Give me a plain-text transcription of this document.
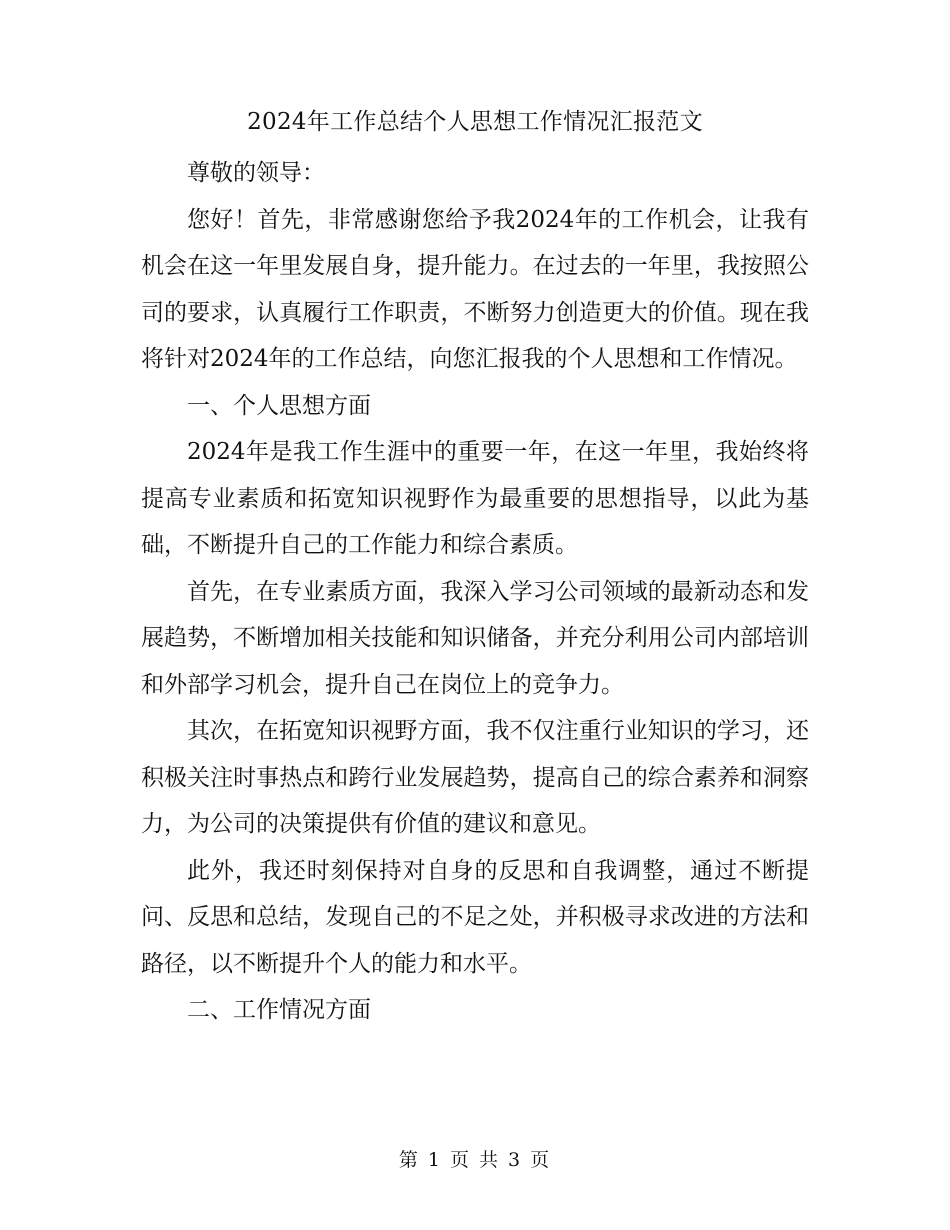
2024年工作总结个人思想工作情况汇报范文

尊敬的领导：

您好！首先，非常感谢您给予我2024年的工作机会，让我有机会在这一年里发展自身，提升能力。在过去的一年里，我按照公司的要求，认真履行工作职责，不断努力创造更大的价值。现在我将针对2024年的工作总结，向您汇报我的个人思想和工作情况。

一、个人思想方面

2024年是我工作生涯中的重要一年，在这一年里，我始终将提高专业素质和拓宽知识视野作为最重要的思想指导，以此为基础，不断提升自己的工作能力和综合素质。

首先，在专业素质方面，我深入学习公司领域的最新动态和发展趋势，不断增加相关技能和知识储备，并充分利用公司内部培训和外部学习机会，提升自己在岗位上的竞争力。

其次，在拓宽知识视野方面，我不仅注重行业知识的学习，还积极关注时事热点和跨行业发展趋势，提高自己的综合素养和洞察力，为公司的决策提供有价值的建议和意见。

此外，我还时刻保持对自身的反思和自我调整，通过不断提问、反思和总结，发现自己的不足之处，并积极寻求改进的方法和路径，以不断提升个人的能力和水平。

二、工作情况方面

第 1 页 共 3 页
